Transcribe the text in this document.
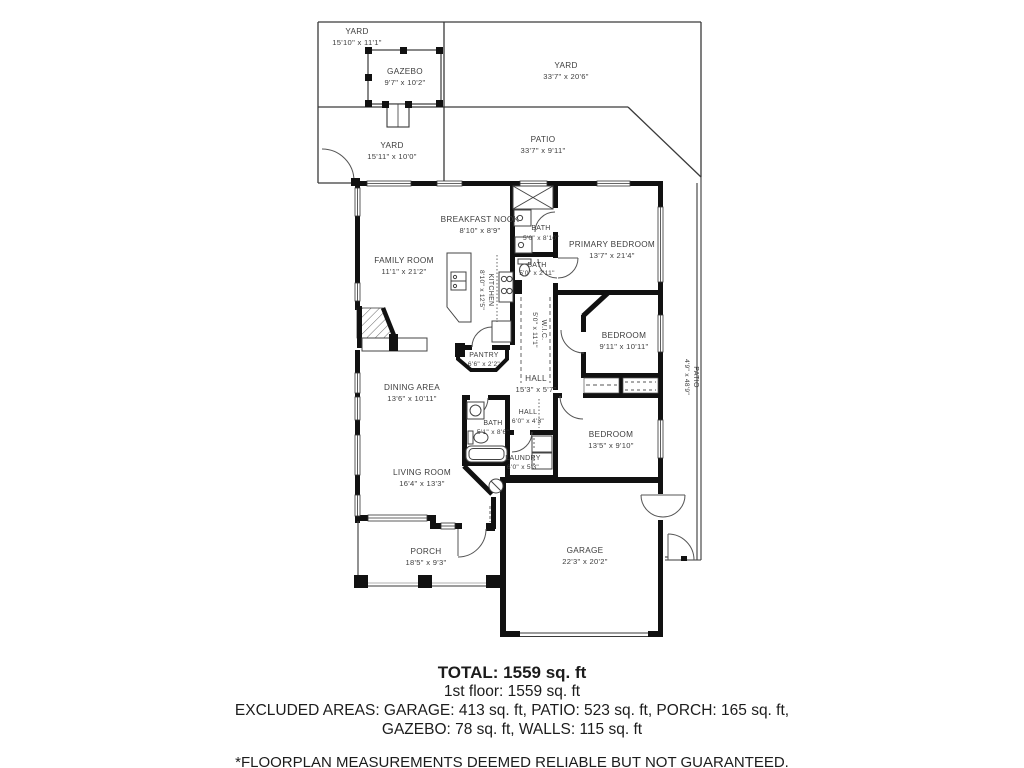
YARD
15'10" x 11'1"
GAZEBO
9'7" x 10'2"
YARD
33'7" x 20'6"
YARD
15'11" x 10'0"
PATIO
33'7" x 9'11"
BREAKFAST NOOK
8'10" x 8'9"	BATH
5'0" x 8'10"
PRIMARY BEDROOM
13'7" x 21'4"
FAMILY ROOM
11'1" x 21'2"
KITCHEN
8'10" x 12'5"
BATH
5'0" x 2'11"
W.I.C.
5'0" x 11'1"	BEDROOM
9'11" x 10'11"
PANTRY
6'6" x 2'2"
HALL
15'3" x 5'7"
DINING AREA
13'6" x 10'11"
HALL
6'0" x 4'3"
BATH
5'1" x 8'6"	BEDROOM
13'5" x 9'10"
LAUNDRY
6'0" x 5'3"
LIVING ROOM
16'4" x 13'3"
PORCH
18'5" x 9'3"
GARAGE
22'3" x 20'2"
PATIO
4'9" x 48'9"
TOTAL: 1559 sq. ft
1st floor: 1559 sq. ft
EXCLUDED AREAS: GARAGE: 413 sq. ft, PATIO: 523 sq. ft, PORCH: 165 sq. ft,
GAZEBO: 78 sq. ft, WALLS: 115 sq. ft
*FLOORPLAN MEASUREMENTS DEEMED RELIABLE BUT NOT GUARANTEED.
